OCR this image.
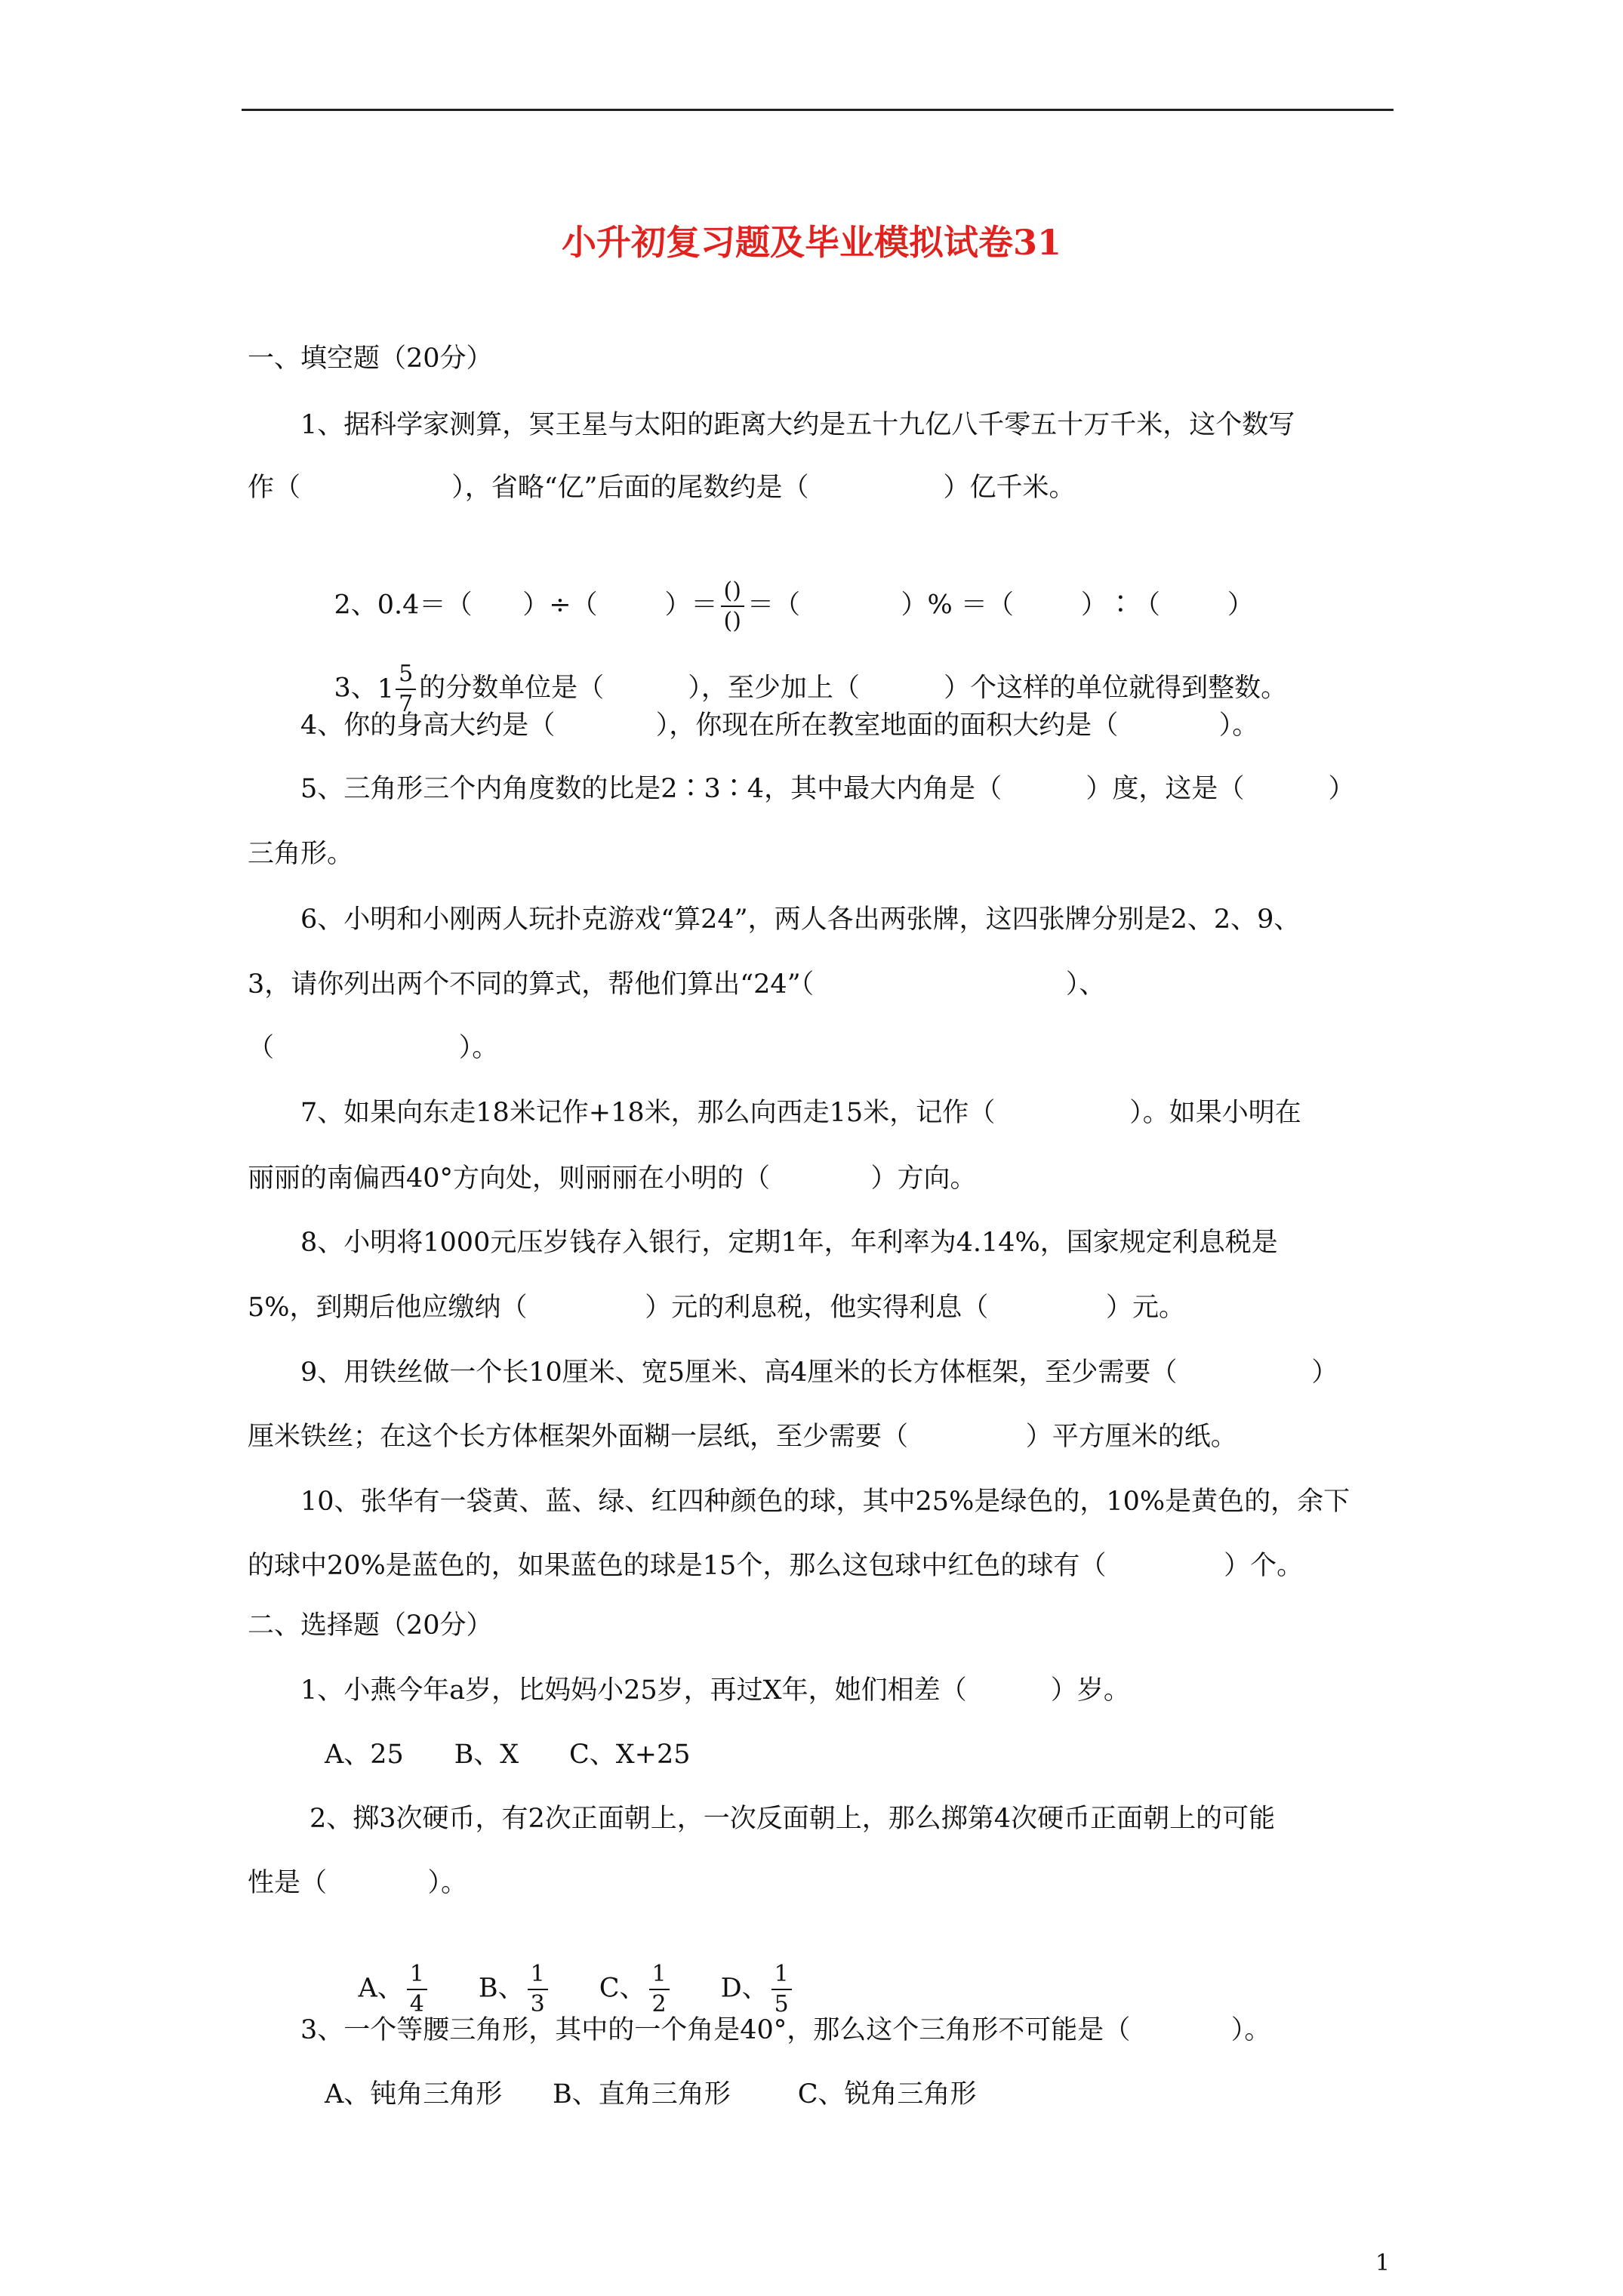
小升初复习题及毕业模拟试卷31
一、填空题（20分）
1、据科学家测算，冥王星与太阳的距离大约是五十九亿八千零五十万千米，这个数写
作（                  ），省略“亿”后面的尾数约是（                ）亿千米。

2、0.4＝（      ）÷（        ）＝ $\frac{()}{()}$ ＝（            ）% ＝（        ）∶（        ）

3、$1 \frac{5}{7}$ 的分数单位是（          ），至少加上（          ）个这样的单位就得到整数。

4、你的身高大约是（            ），你现在所在教室地面的面积大约是（            ）。
5、三角形三个内角度数的比是2∶3∶4，其中最大内角是（          ）度，这是（          ）
三角形。
6、小明和小刚两人玩扑克游戏“算24”，两人各出两张牌，这四张牌分别是2、2、9、
3，请你列出两个不同的算式，帮他们算出“24”（                              ）、
（                      ）。
7、如果向东走18米记作+18米，那么向西走15米，记作（                ）。如果小明在
丽丽的南偏西40°方向处，则丽丽在小明的（            ）方向。
8、小明将1000元压岁钱存入银行，定期1年，年利率为4.14%，国家规定利息税是
5%，到期后他应缴纳（              ）元的利息税，他实得利息（              ）元。
9、用铁丝做一个长10厘米、宽5厘米、高4厘米的长方体框架，至少需要（                ）
厘米铁丝；在这个长方体框架外面糊一层纸，至少需要（              ）平方厘米的纸。
10、张华有一袋黄、蓝、绿、红四种颜色的球，其中25%是绿色的，10%是黄色的，余下
的球中20%是蓝色的，如果蓝色的球是15个，那么这包球中红色的球有（              ）个。
二、选择题（20分）
1、小燕今年a岁，比妈妈小25岁，再过X年，她们相差（          ）岁。
A、25      B、X      C、X+25
2、掷3次硬币，有2次正面朝上，一次反面朝上，那么掷第4次硬币正面朝上的可能
性是（            ）。

A、 $\frac{1}{4}$ B、 $\frac{1}{3}$ C、 $\frac{1}{2}$ D、 $\frac{1}{5}$

3、一个等腰三角形，其中的一个角是40°，那么这个三角形不可能是（            ）。
A、钝角三角形      B、直角三角形        C、锐角三角形
1
